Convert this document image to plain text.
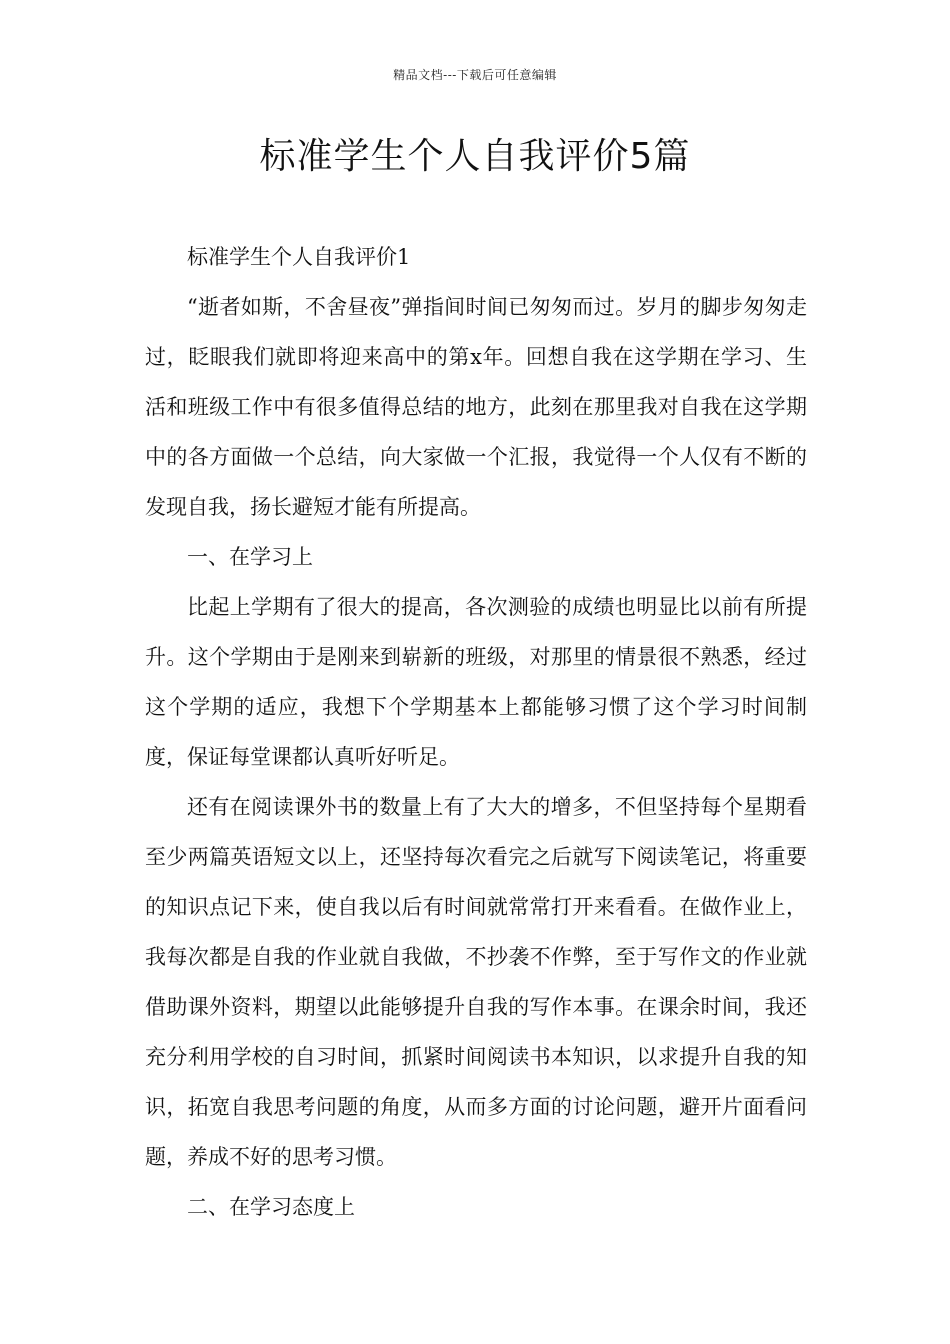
精品文档---下载后可任意编辑
标准学生个人自我评价5篇

标准学生个人自我评价1

“逝者如斯，不舍昼夜”弹指间时间已匆匆而过。岁月的脚步匆匆走过，眨眼我们就即将迎来高中的第x年。回想自我在这学期在学习、生活和班级工作中有很多值得总结的地方，此刻在那里我对自我在这学期中的各方面做一个总结，向大家做一个汇报，我觉得一个人仅有不断的发现自我，扬长避短才能有所提高。

一、在学习上

比起上学期有了很大的提高，各次测验的成绩也明显比以前有所提升。这个学期由于是刚来到崭新的班级，对那里的情景很不熟悉，经过这个学期的适应，我想下个学期基本上都能够习惯了这个学习时间制度，保证每堂课都认真听好听足。

还有在阅读课外书的数量上有了大大的增多，不但坚持每个星期看至少两篇英语短文以上，还坚持每次看完之后就写下阅读笔记，将重要的知识点记下来，使自我以后有时间就常常打开来看看。在做作业上，我每次都是自我的作业就自我做，不抄袭不作弊，至于写作文的作业就借助课外资料，期望以此能够提升自我的写作本事。在课余时间，我还充分利用学校的自习时间，抓紧时间阅读书本知识，以求提升自我的知识，拓宽自我思考问题的角度，从而多方面的讨论问题，避开片面看问题，养成不好的思考习惯。

二、在学习态度上
